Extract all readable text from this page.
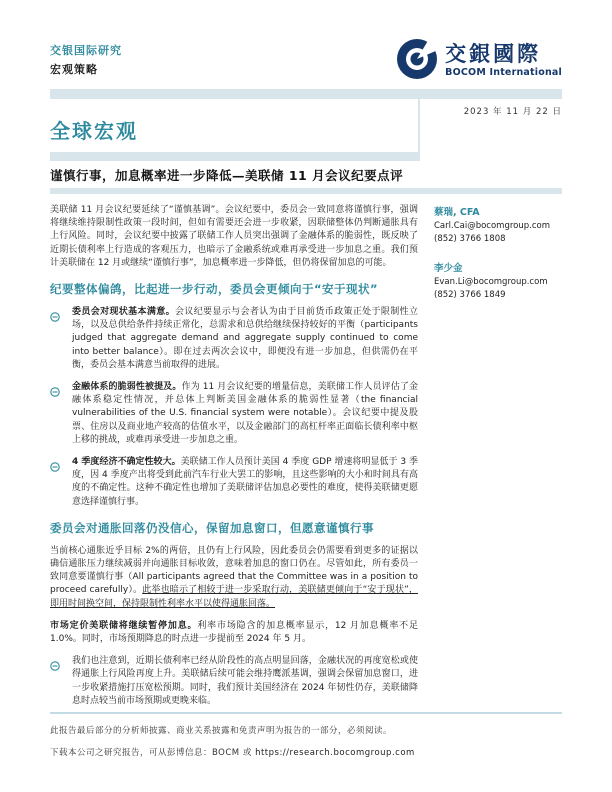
交银国际研究
宏观策略
交銀國際
BOCOM International
全球宏观
2023 年 11 月 22 日
谨慎行事，加息概率进一步降低—美联储 11 月会议纪要点评

美联储 11 月会议纪要延续了“谨慎基调”。会议纪要中，委员会一致同意将谨慎行事，强调将继续维持限制性政策一段时间，但如有需要还会进一步收紧，因联储整体仍判断通胀具有上行风险。同时，会议纪要中披露了联储工作人员突出强调了金融体系的脆弱性，既反映了近期长债利率上行造成的客观压力，也暗示了金融系统或难再承受进一步加息之重。我们预计美联储在 12 月或继续“谨慎行事”，加息概率进一步降低，但仍将保留加息的可能。

纪要整体偏鸽，比起进一步行动，委员会更倾向于“安于现状”

委员会对现状基本满意。会议纪要显示与会者认为由于目前货币政策正处于限制性立场，以及总供给条件持续正常化，总需求和总供给继续保持较好的平衡（participants judged that aggregate demand and aggregate supply continued to come into better balance）。即在过去两次会议中，即便没有进一步加息，但供需仍在平衡，委员会基本满意当前取得的进展。

金融体系的脆弱性被提及。作为 11 月会议纪要的增量信息，美联储工作人员评估了金融体系稳定性情况，并总体上判断美国金融体系的脆弱性显著（the financial vulnerabilities of the U.S. financial system were notable）。会议纪要中提及股票、住房以及商业地产较高的估值水平，以及金融部门的高杠杆率正面临长债利率中枢上移的挑战，或难再承受进一步加息之重。

4 季度经济不确定性较大。美联储工作人员预计美国 4 季度 GDP 增速将明显低于 3 季度，因 4 季度产出将受到此前汽车行业大罢工的影响，且这些影响的大小和时间具有高度的不确定性。这种不确定性也增加了美联储评估加息必要性的难度，使得美联储更愿意选择谨慎行事。

委员会对通胀回落仍没信心，保留加息窗口，但愿意谨慎行事

当前核心通胀近乎目标 2%的两倍，且仍有上行风险，因此委员会仍需要看到更多的证据以确信通胀压力继续减弱并向通胀目标收敛，意味着加息的窗口仍在。尽管如此，所有委员一致同意要谨慎行事（All participants agreed that the Committee was in a position to proceed carefully）。此举也暗示了相较于进一步采取行动，美联储更倾向于“安于现状”，即用时间换空间，保持限制性利率水平以使得通胀回落。

市场定价美联储将继续暂停加息。利率市场隐含的加息概率显示，12 月加息概率不足 1.0%。同时，市场预期降息的时点进一步提前至 2024 年 5 月。

我们也注意到，近期长债利率已经从阶段性的高点明显回落，金融状况的再度宽松或使得通胀上行风险再度上升。美联储后续可能会维持鹰派基调，强调会保留加息窗口，进一步收紧措施打压宽松预期。同时，我们预计美国经济在 2024 年韧性仍存，美联储降息时点较当前市场预期或更晚来临。

蔡瑞, CFA
Carl.Cai@bocomgroup.com
(852) 3766 1808
李少金
Evan.Li@bocomgroup.com
(852) 3766 1849
此报告最后部分的分析师披露、商业关系披露和免责声明为报告的一部分，必须阅读。
下载本公司之研究报告，可从彭博信息：BOCM 或 https://research.bocomgroup.com
